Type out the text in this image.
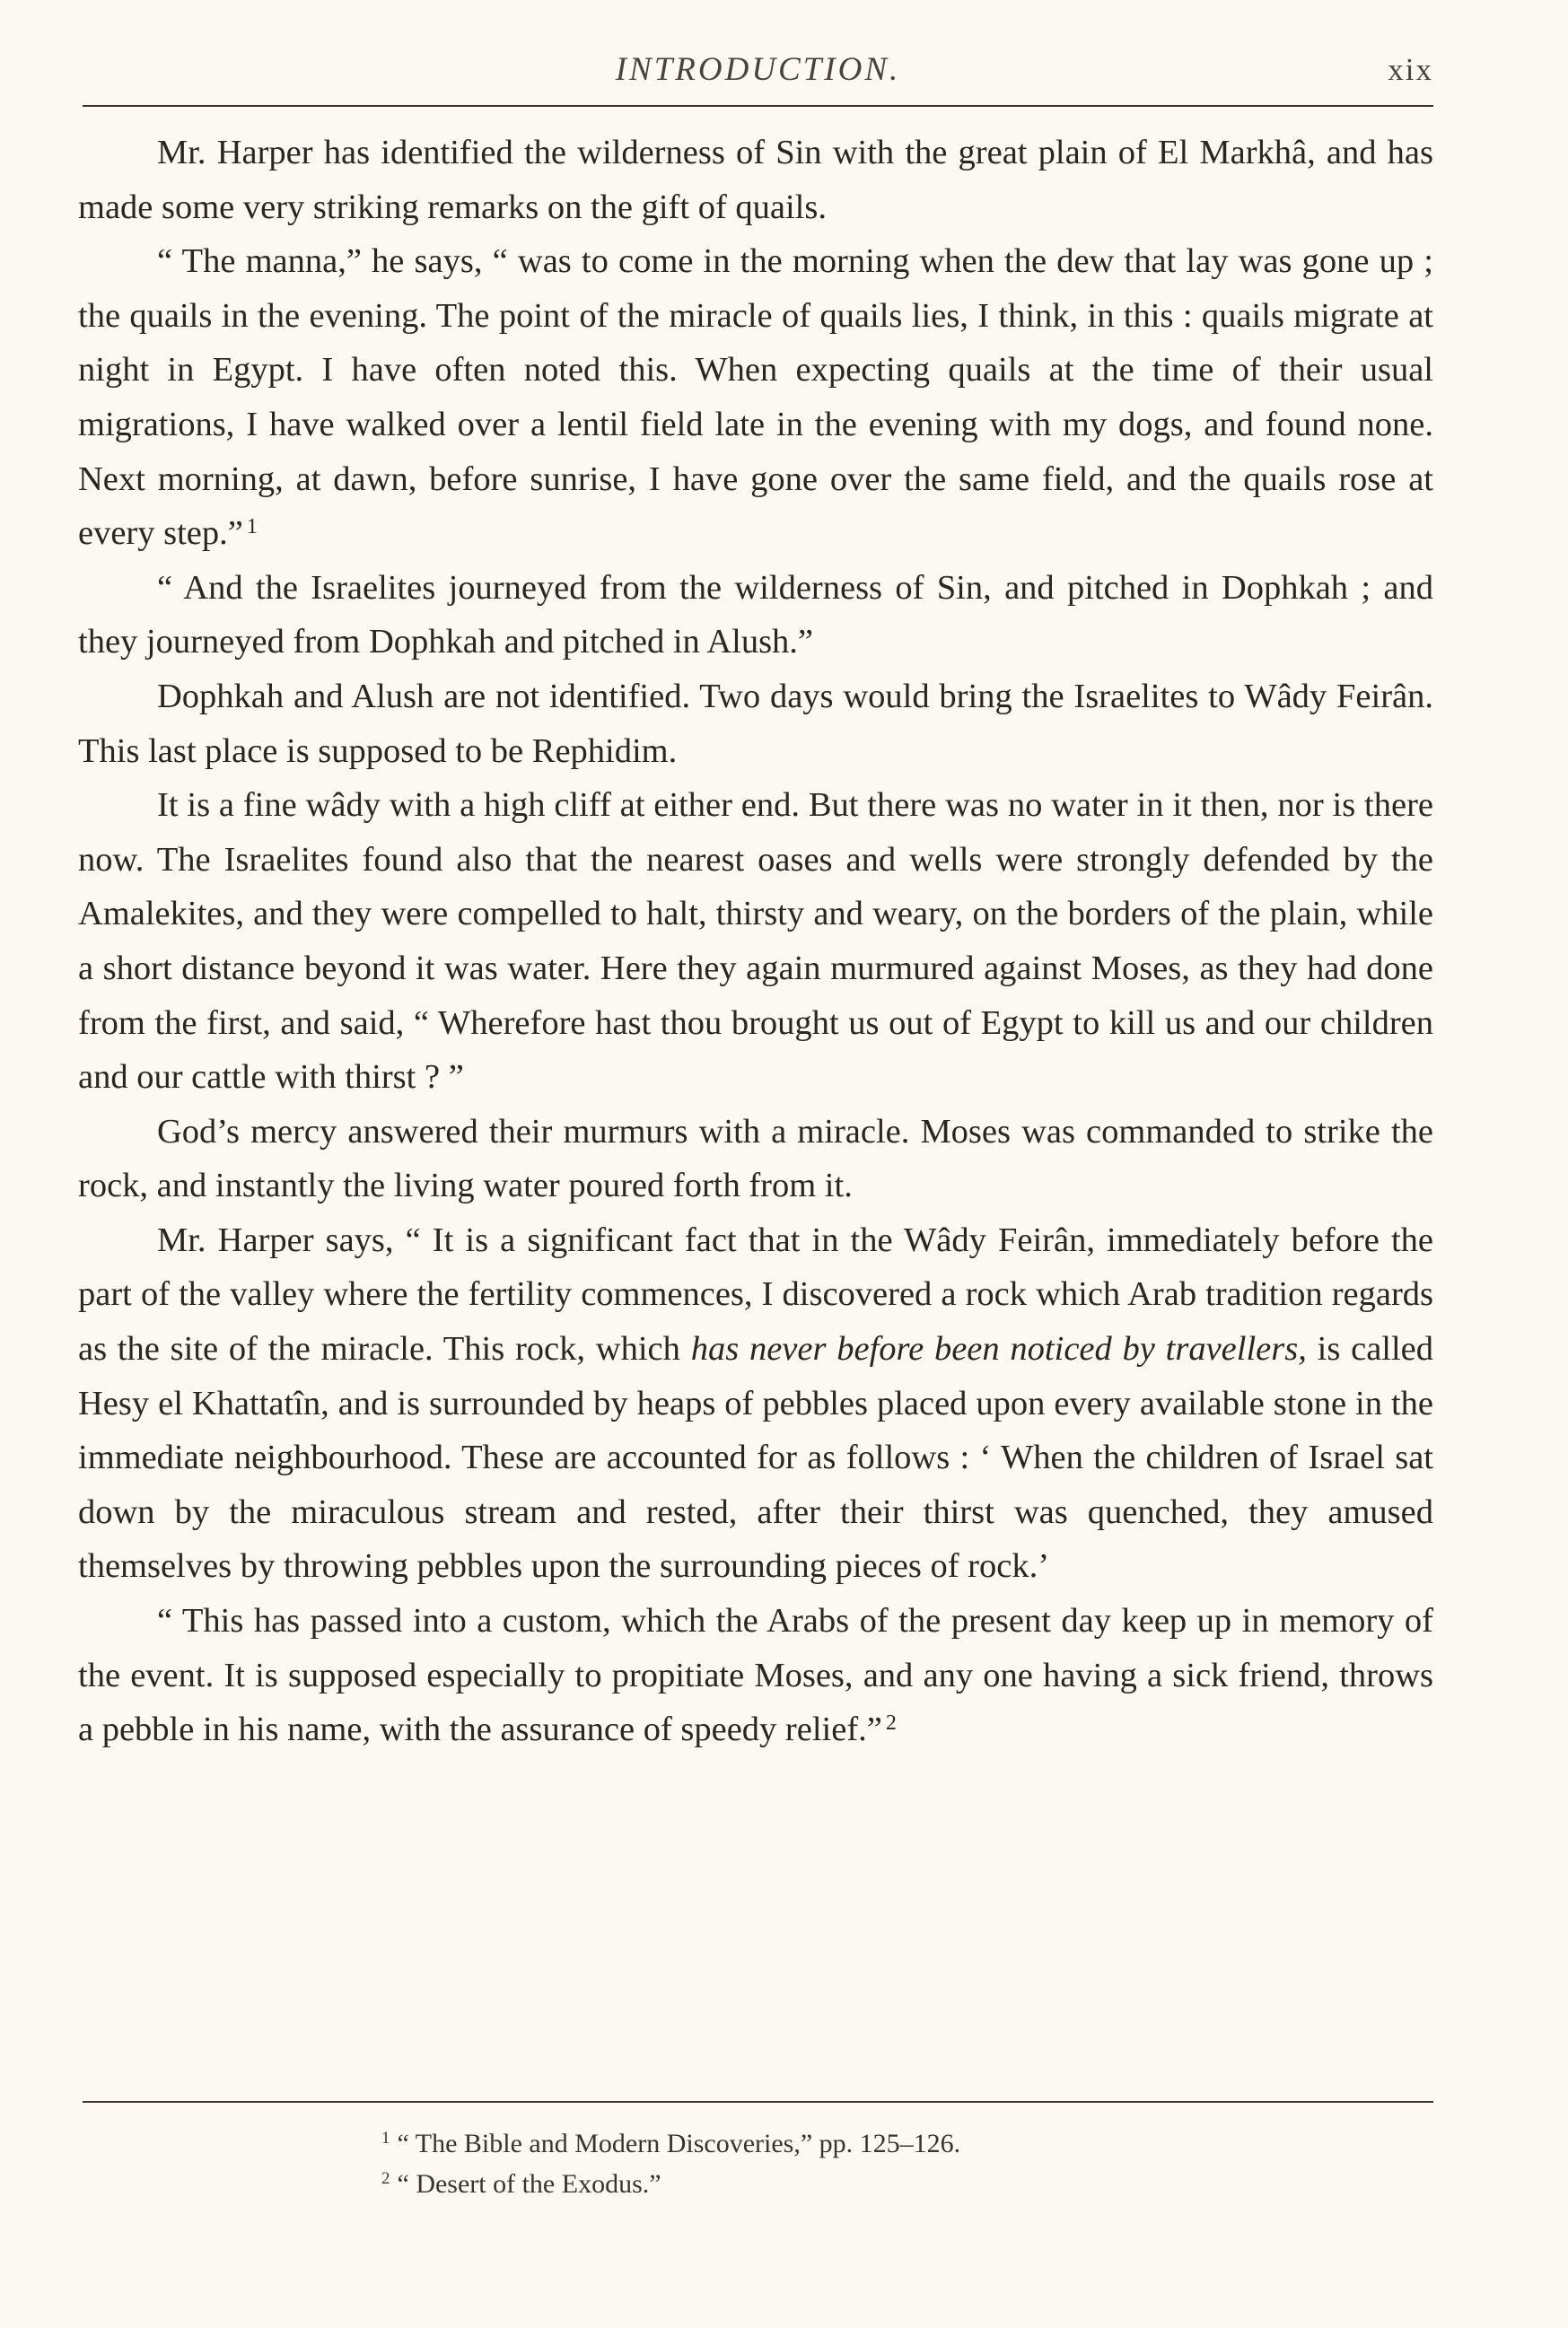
INTRODUCTION.	xix

Mr. Harper has identified the wilderness of Sin with the great plain of El Markhâ, and has made some very striking remarks on the gift of quails.

“ The manna,” he says, “ was to come in the morning when the dew that lay was gone up ; the quails in the evening. The point of the miracle of quails lies, I think, in this : quails migrate at night in Egypt. I have often noted this. When expecting quails at the time of their usual migrations, I have walked over a lentil field late in the evening with my dogs, and found none. Next morning, at dawn, before sunrise, I have gone over the same field, and the quails rose at every step.” $^1$

“ And the Israelites journeyed from the wilderness of Sin, and pitched in Dophkah ; and they journeyed from Dophkah and pitched in Alush.”

Dophkah and Alush are not identified. Two days would bring the Israelites to Wâdy Feirân. This last place is supposed to be Rephidim.

It is a fine wâdy with a high cliff at either end. But there was no water in it then, nor is there now. The Israelites found also that the nearest oases and wells were strongly defended by the Amalekites, and they were compelled to halt, thirsty and weary, on the borders of the plain, while a short distance beyond it was water. Here they again murmured against Moses, as they had done from the first, and said, “ Wherefore hast thou brought us out of Egypt to kill us and our children and our cattle with thirst ? ”

God’s mercy answered their murmurs with a miracle. Moses was commanded to strike the rock, and instantly the living water poured forth from it.

Mr. Harper says, “ It is a significant fact that in the Wâdy Feirân, immediately before the part of the valley where the fertility commences, I discovered a rock which Arab tradition regards as the site of the miracle. This rock, which has never before been noticed by travellers, is called Hesy el Khattatîn, and is surrounded by heaps of pebbles placed upon every available stone in the immediate neighbourhood. These are accounted for as follows : ‘ When the children of Israel sat down by the miraculous stream and rested, after their thirst was quenched, they amused themselves by throwing pebbles upon the surrounding pieces of rock.’

“ This has passed into a custom, which the Arabs of the present day keep up in memory of the event. It is supposed especially to propitiate Moses, and any one having a sick friend, throws a pebble in his name, with the assurance of speedy relief.” $^2$

$^1$ “ The Bible and Modern Discoveries,” pp. 125–126.
$^2$ “ Desert of the Exodus.”
